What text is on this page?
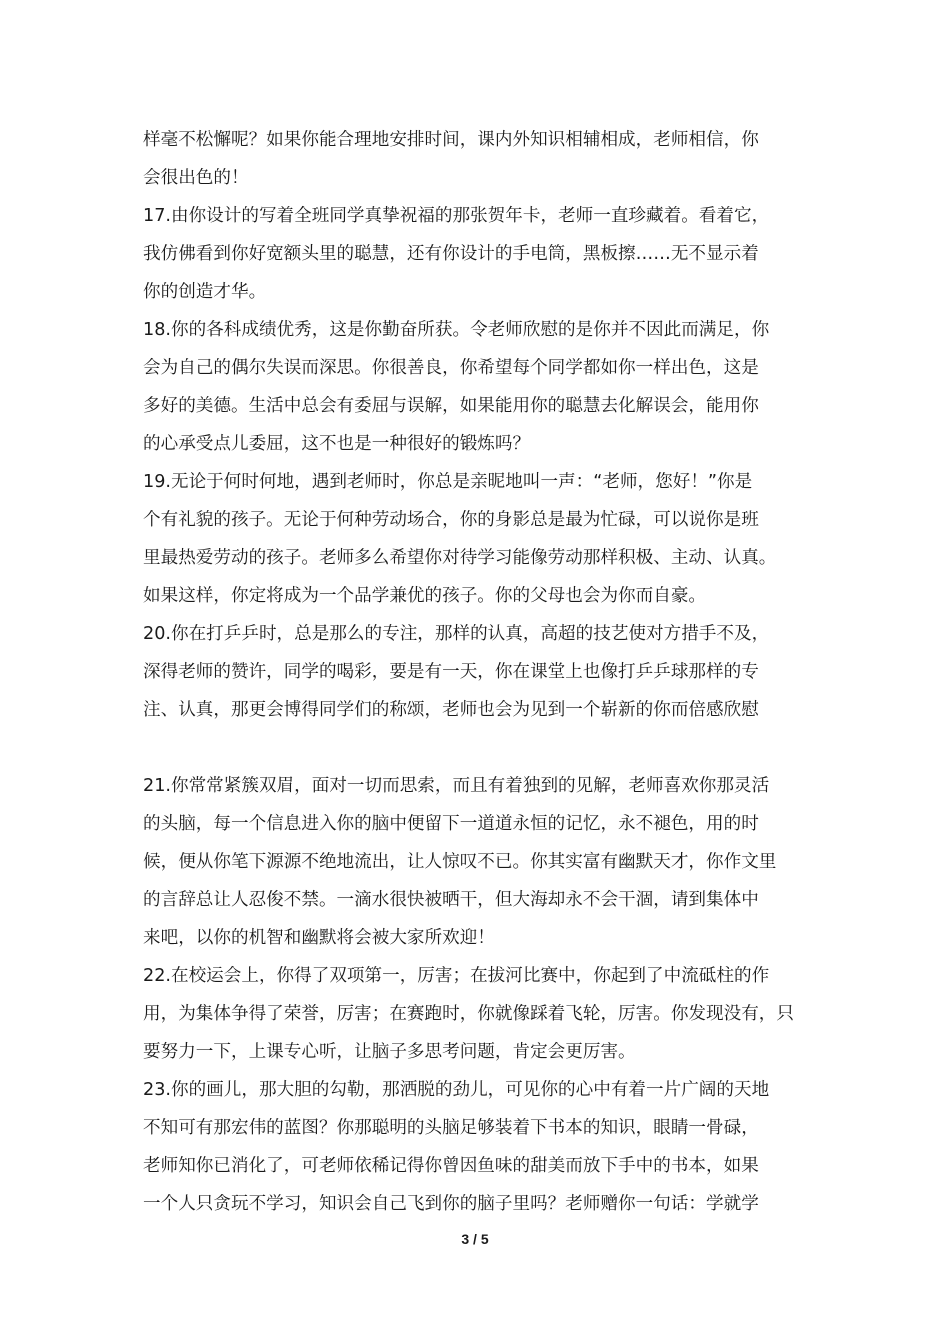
样毫不松懈呢？如果你能合理地安排时间，课内外知识相辅相成，老师相信，你
会很出色的！
17.由你设计的写着全班同学真挚祝福的那张贺年卡，老师一直珍藏着。看着它，
我仿佛看到你好宽额头里的聪慧，还有你设计的手电筒，黑板擦……无不显示着
你的创造才华。
18.你的各科成绩优秀，这是你勤奋所获。令老师欣慰的是你并不因此而满足，你
会为自己的偶尔失误而深思。你很善良，你希望每个同学都如你一样出色，这是
多好的美德。生活中总会有委屈与误解，如果能用你的聪慧去化解误会，能用你
的心承受点儿委屈，这不也是一种很好的锻炼吗？
19.无论于何时何地，遇到老师时，你总是亲昵地叫一声：“老师，您好！”你是
个有礼貌的孩子。无论于何种劳动场合，你的身影总是最为忙碌，可以说你是班
里最热爱劳动的孩子。老师多么希望你对待学习能像劳动那样积极、主动、认真。
如果这样，你定将成为一个品学兼优的孩子。你的父母也会为你而自豪。
20.你在打乒乒时，总是那么的专注，那样的认真，高超的技艺使对方措手不及，
深得老师的赞许，同学的喝彩，要是有一天，你在课堂上也像打乒乒球那样的专
注、认真，那更会博得同学们的称颂，老师也会为见到一个崭新的你而倍感欣慰
21.你常常紧簇双眉，面对一切而思索，而且有着独到的见解，老师喜欢你那灵活
的头脑，每一个信息进入你的脑中便留下一道道永恒的记忆，永不褪色，用的时
候，便从你笔下源源不绝地流出，让人惊叹不已。你其实富有幽默天才，你作文里
的言辞总让人忍俊不禁。一滴水很快被晒干，但大海却永不会干涸，请到集体中
来吧，以你的机智和幽默将会被大家所欢迎！
22.在校运会上，你得了双项第一，厉害；在拔河比赛中，你起到了中流砥柱的作
用，为集体争得了荣誉，厉害；在赛跑时，你就像踩着飞轮，厉害。你发现没有，只
要努力一下，上课专心听，让脑子多思考问题，肯定会更厉害。
23.你的画儿，那大胆的勾勒，那洒脱的劲儿，可见你的心中有着一片广阔的天地
不知可有那宏伟的蓝图？你那聪明的头脑足够装着下书本的知识，眼睛一骨碌，
老师知你已消化了，可老师依稀记得你曾因鱼味的甜美而放下手中的书本，如果
一个人只贪玩不学习，知识会自己飞到你的脑子里吗？老师赠你一句话：学就学
3 / 5
